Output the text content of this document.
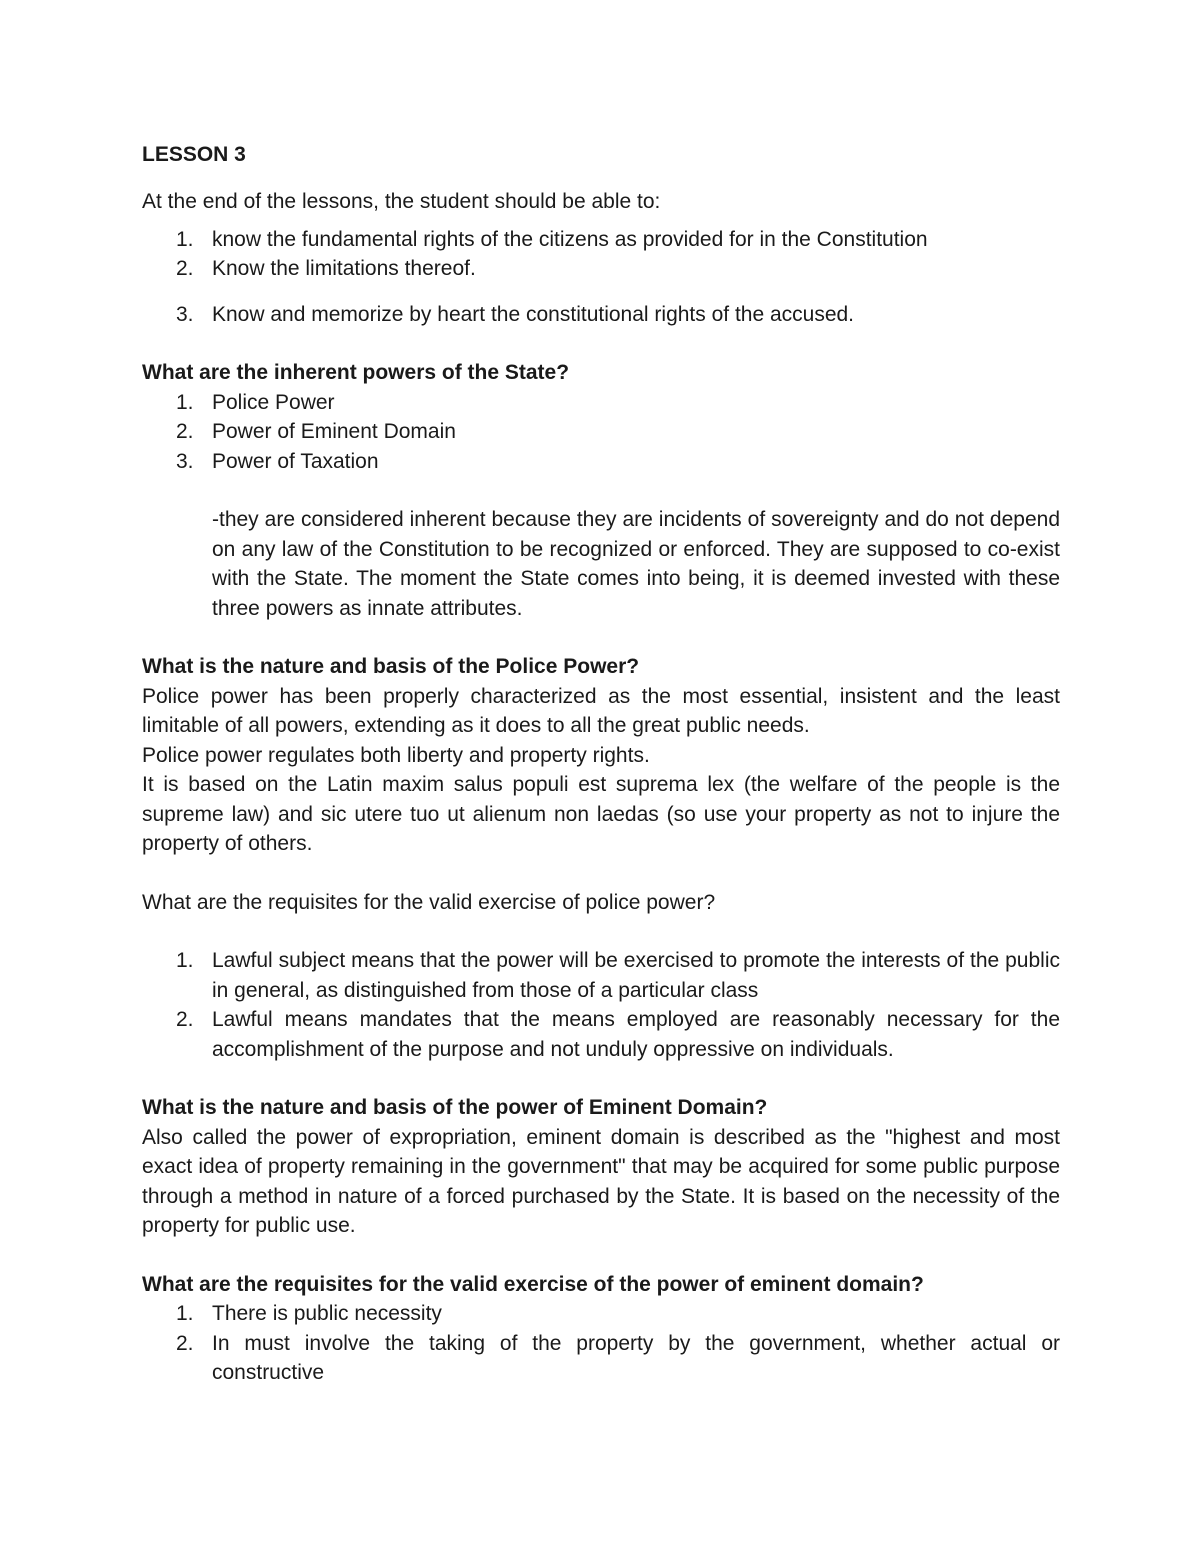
LESSON 3
At the end of the lessons, the student should be able to:
1. know the fundamental rights of the citizens as provided for in the Constitution
2. Know the limitations thereof.
3. Know and memorize by heart the constitutional rights of the accused.
What are the inherent powers of the State?
1. Police Power
2. Power of Eminent Domain
3. Power of Taxation
-they are considered inherent because they are incidents of sovereignty and do not depend on any law of the Constitution to be recognized or enforced. They are supposed to co-exist with the State. The moment the State comes into being, it is deemed invested with these three powers as innate attributes.
What is the nature and basis of the Police Power?
Police power has been properly characterized as the most essential, insistent and the least limitable of all powers, extending as it does to all the great public needs.
Police power regulates both liberty and property rights.
It is based on the Latin maxim salus populi est suprema lex (the welfare of the people is the supreme law) and sic utere tuo ut alienum non laedas (so use your property as not to injure the property of others.
What are the requisites for the valid exercise of police power?
1. Lawful subject means that the power will be exercised to promote the interests of the public in general, as distinguished from those of a particular class
2. Lawful means mandates that the means employed are reasonably necessary for the accomplishment of the purpose and not unduly oppressive on individuals.
What is the nature and basis of the power of Eminent Domain?
Also called the power of expropriation, eminent domain is described as the "highest and most exact idea of property remaining in the government" that may be acquired for some public purpose through a method in nature of a forced purchased by the State. It is based on the necessity of the property for public use.
What are the requisites for the valid exercise of the power of eminent domain?
1. There is public necessity
2. In must involve the taking of the property by the government, whether actual or constructive
